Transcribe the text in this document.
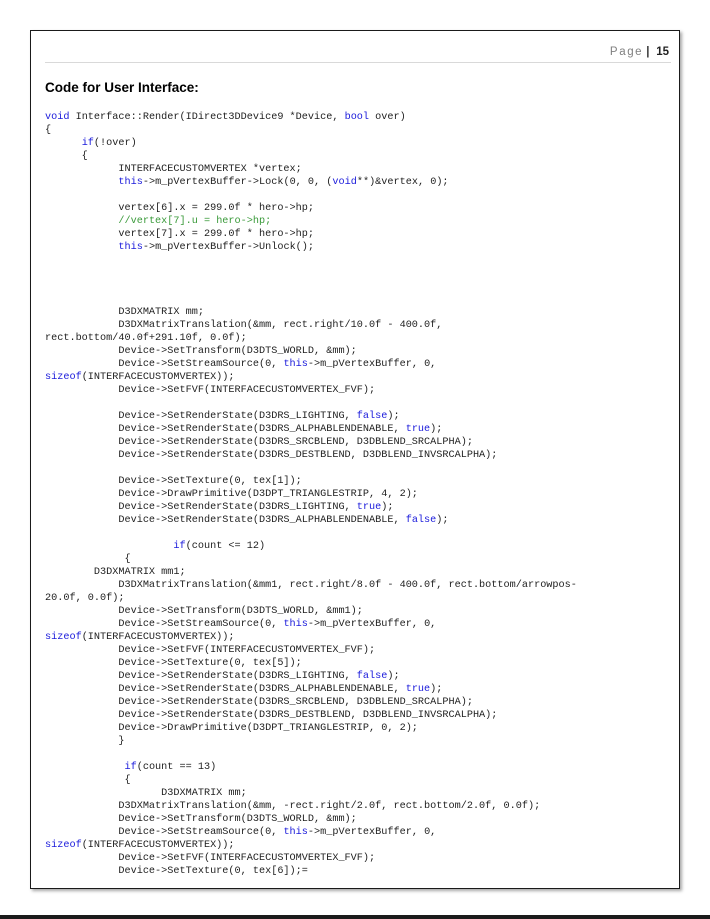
Page | 15
Code for User Interface:
void Interface::Render(IDirect3DDevice9 *Device, bool over)
{
if(!over)
{
INTERFACECUSTOMVERTEX *vertex;
this->m_pVertexBuffer->Lock(0, 0, (void**)&vertex, 0);

vertex[6].x = 299.0f * hero->hp;
//vertex[7].u = hero->hp;
vertex[7].x = 299.0f * hero->hp;
this->m_pVertexBuffer->Unlock();

D3DXMATRIX mm;
D3DXMatrixTranslation(&mm, rect.right/10.0f - 400.0f,
rect.bottom/40.0f+291.10f, 0.0f);
Device->SetTransform(D3DTS_WORLD, &mm);
Device->SetStreamSource(0, this->m_pVertexBuffer, 0,
sizeof(INTERFACECUSTOMVERTEX));
Device->SetFVF(INTERFACECUSTOMVERTEX_FVF);

Device->SetRenderState(D3DRS_LIGHTING, false);
Device->SetRenderState(D3DRS_ALPHABLENDENABLE, true);
Device->SetRenderState(D3DRS_SRCBLEND, D3DBLEND_SRCALPHA);
Device->SetRenderState(D3DRS_DESTBLEND, D3DBLEND_INVSRCALPHA);

Device->SetTexture(0, tex[1]);
Device->DrawPrimitive(D3DPT_TRIANGLESTRIP, 4, 2);
Device->SetRenderState(D3DRS_LIGHTING, true);
Device->SetRenderState(D3DRS_ALPHABLENDENABLE, false);

if(count <= 12)
{
D3DXMATRIX mm1;
D3DXMatrixTranslation(&mm1, rect.right/8.0f - 400.0f, rect.bottom/arrowpos-
20.0f, 0.0f);
Device->SetTransform(D3DTS_WORLD, &mm1);
Device->SetStreamSource(0, this->m_pVertexBuffer, 0,
sizeof(INTERFACECUSTOMVERTEX));
Device->SetFVF(INTERFACECUSTOMVERTEX_FVF);
Device->SetTexture(0, tex[5]);
Device->SetRenderState(D3DRS_LIGHTING, false);
Device->SetRenderState(D3DRS_ALPHABLENDENABLE, true);
Device->SetRenderState(D3DRS_SRCBLEND, D3DBLEND_SRCALPHA);
Device->SetRenderState(D3DRS_DESTBLEND, D3DBLEND_INVSRCALPHA);
Device->DrawPrimitive(D3DPT_TRIANGLESTRIP, 0, 2);
}

if(count == 13)
{
D3DXMATRIX mm;
D3DXMatrixTranslation(&mm, -rect.right/2.0f, rect.bottom/2.0f, 0.0f);
Device->SetTransform(D3DTS_WORLD, &mm);
Device->SetStreamSource(0, this->m_pVertexBuffer, 0,
sizeof(INTERFACECUSTOMVERTEX));
Device->SetFVF(INTERFACECUSTOMVERTEX_FVF);
Device->SetTexture(0, tex[6]);=
